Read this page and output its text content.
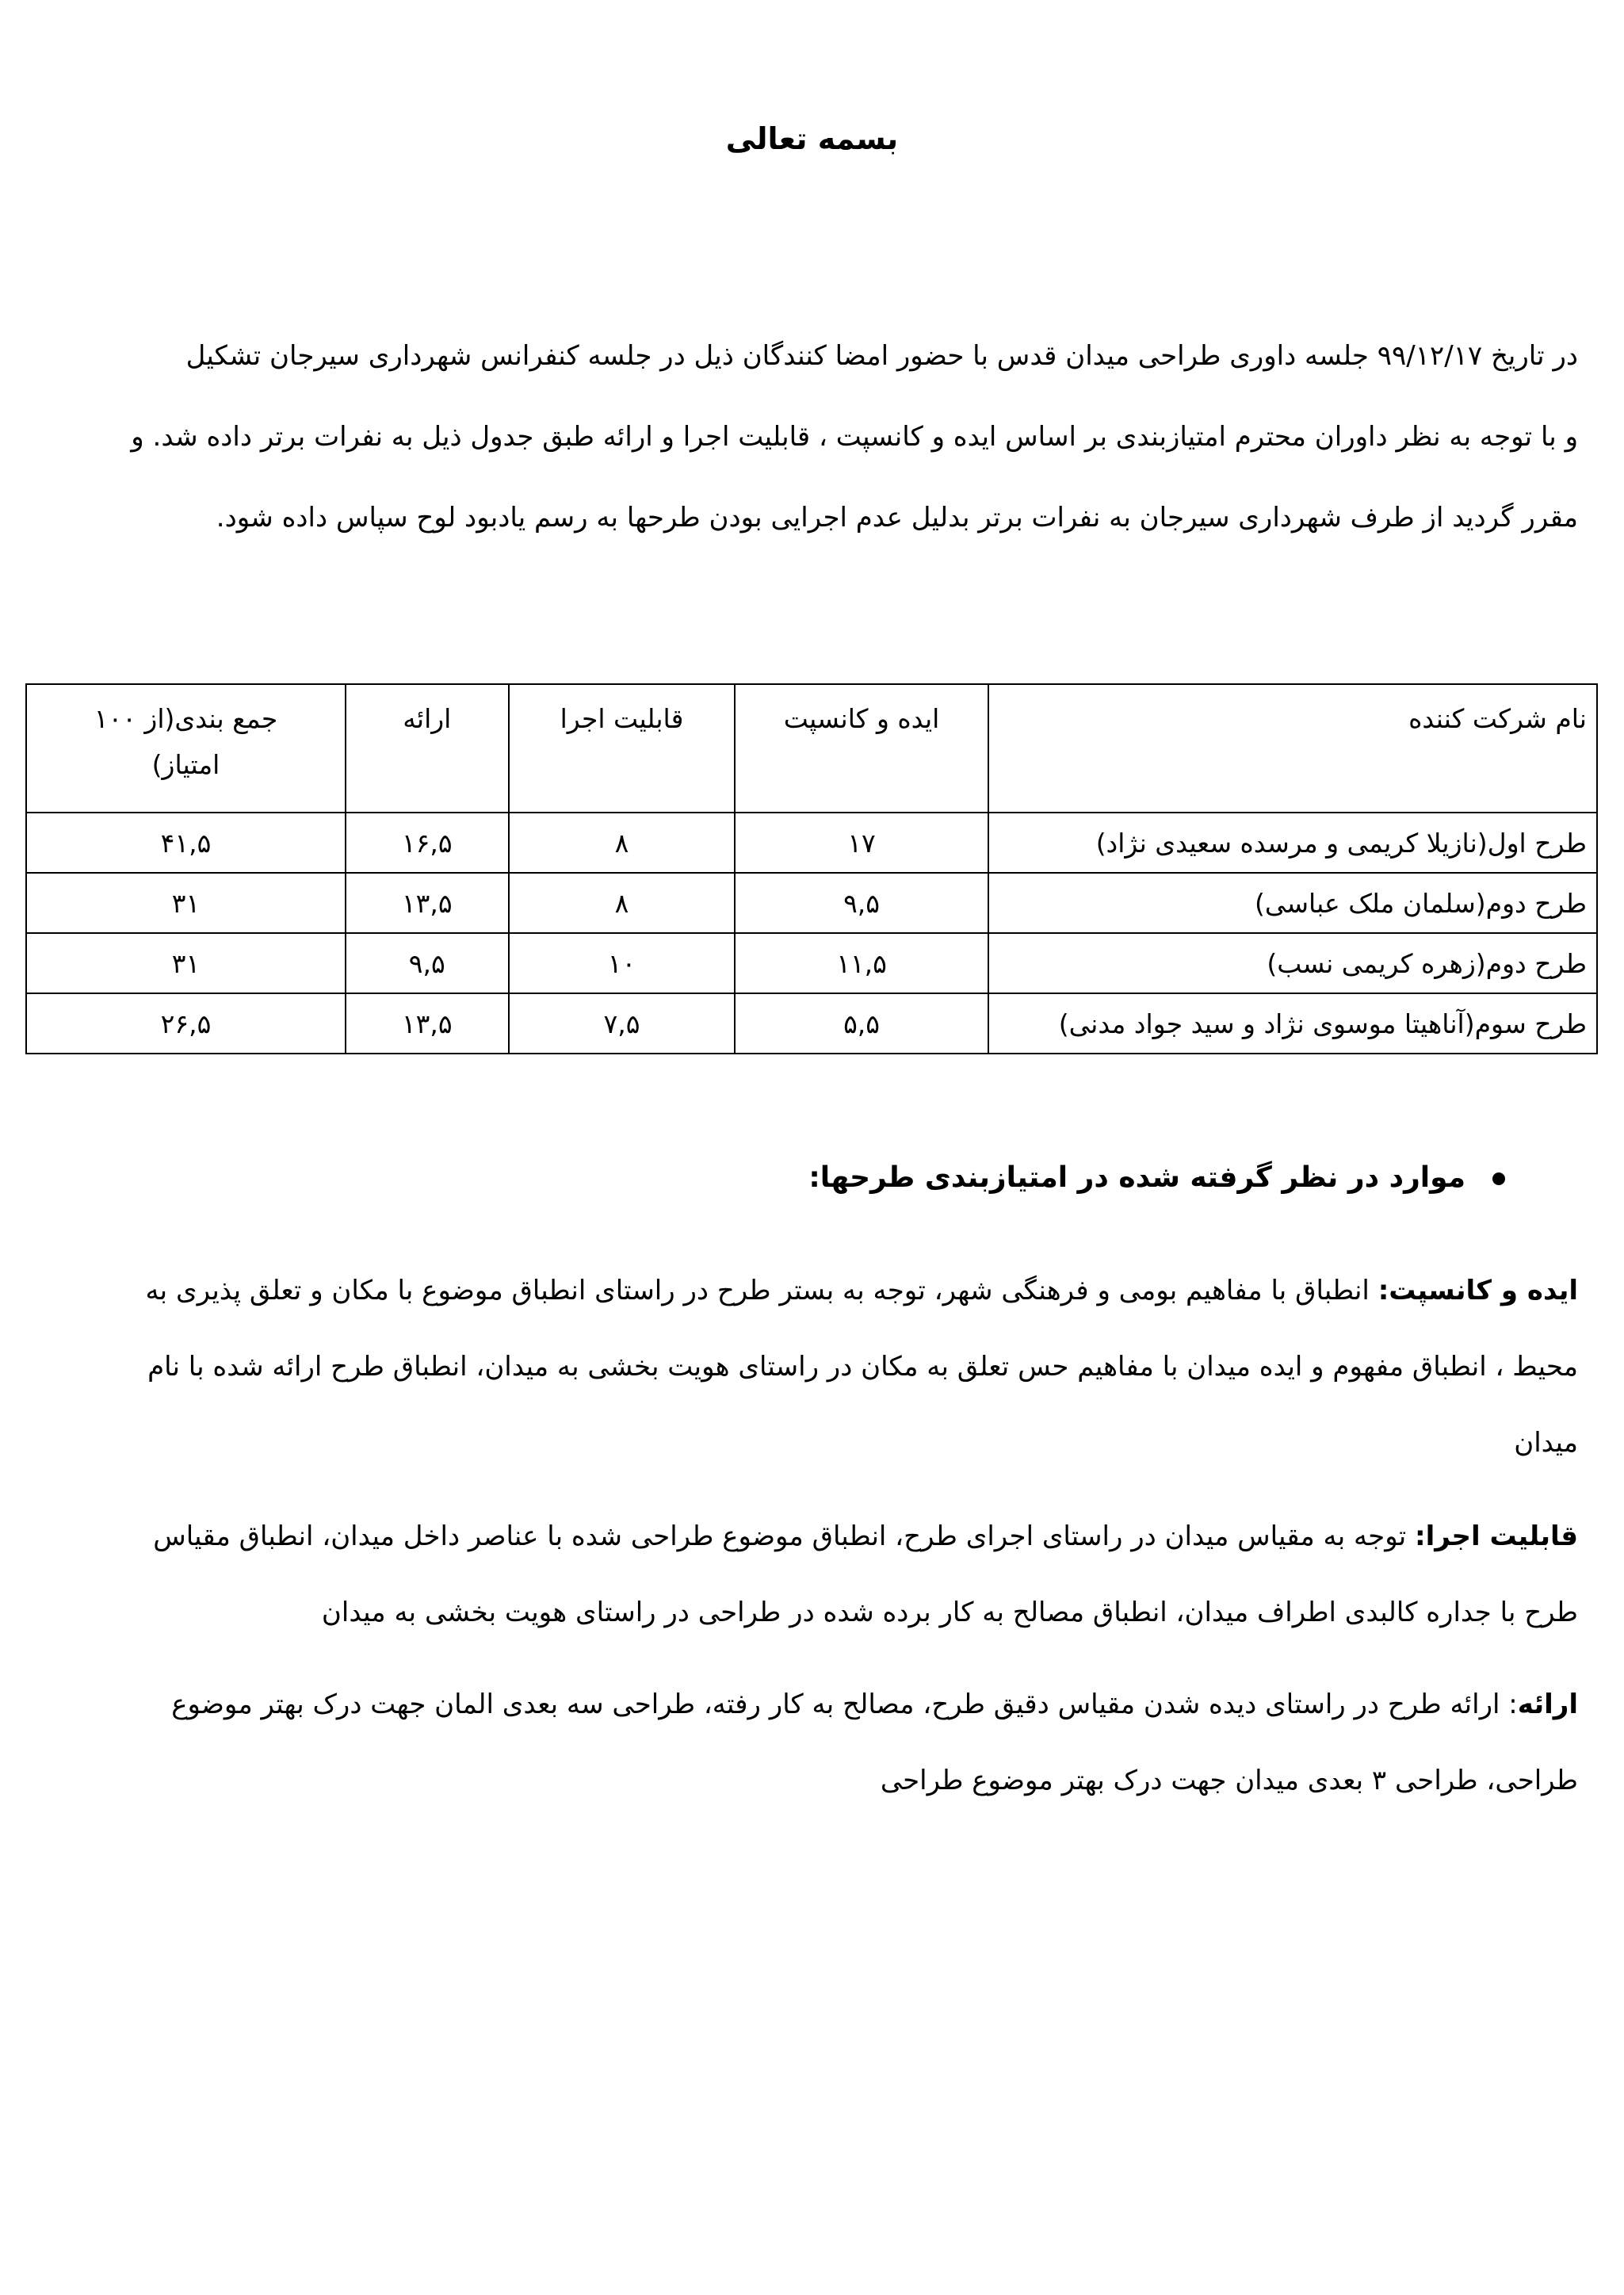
بسمه تعالی
در تاریخ ۹۹/۱۲/۱۷ جلسه داوری طراحی میدان قدس با حضور امضا کنندگان ذیل در جلسه کنفرانس شهرداری سیرجان تشکیل
و با توجه به نظر داوران محترم امتیازبندی بر اساس ایده و کانسپت ، قابلیت اجرا و ارائه طبق جدول ذیل به نفرات برتر داده شد. و
مقرر گردید از طرف شهرداری سیرجان به نفرات برتر بدلیل عدم اجرایی بودن طرحها به رسم یادبود لوح سپاس داده شود.
نام شرکت کننده	ایده و کانسپت	قابلیت اجرا	ارائه	جمع بندی(از ۱۰۰
امتیاز)
طرح اول(نازیلا کریمی و مرسده سعیدی نژاد)	۱۷	۸	۱۶,۵	۴۱,۵
طرح دوم(سلمان ملک عباسی)	۹,۵	۸	۱۳,۵	۳۱
طرح دوم(زهره کریمی نسب)	۱۱,۵	۱۰	۹,۵	۳۱
طرح سوم(آناهیتا موسوی نژاد و سید جواد مدنی)	۵,۵	۷,۵	۱۳,۵	۲۶,۵
موارد در نظر گرفته شده در امتیازبندی طرحها:
ایده و کانسپت: انطباق با مفاهیم بومی و فرهنگی شهر، توجه به بستر طرح در راستای انطباق موضوع با مکان و تعلق پذیری به
محیط ، انطباق مفهوم و ایده میدان با مفاهیم حس تعلق به مکان در راستای هویت بخشی به میدان، انطباق طرح ارائه شده با نام
میدان
قابلیت اجرا: توجه به مقیاس میدان در راستای اجرای طرح، انطباق موضوع طراحی شده با عناصر داخل میدان، انطباق مقیاس
طرح با جداره کالبدی اطراف میدان، انطباق مصالح به کار برده شده در طراحی در راستای هویت بخشی به میدان
ارائه: ارائه طرح در راستای دیده شدن مقیاس دقیق طرح، مصالح به کار رفته، طراحی سه بعدی المان جهت درک بهتر موضوع
طراحی، طراحی ۳ بعدی میدان جهت درک بهتر موضوع طراحی
